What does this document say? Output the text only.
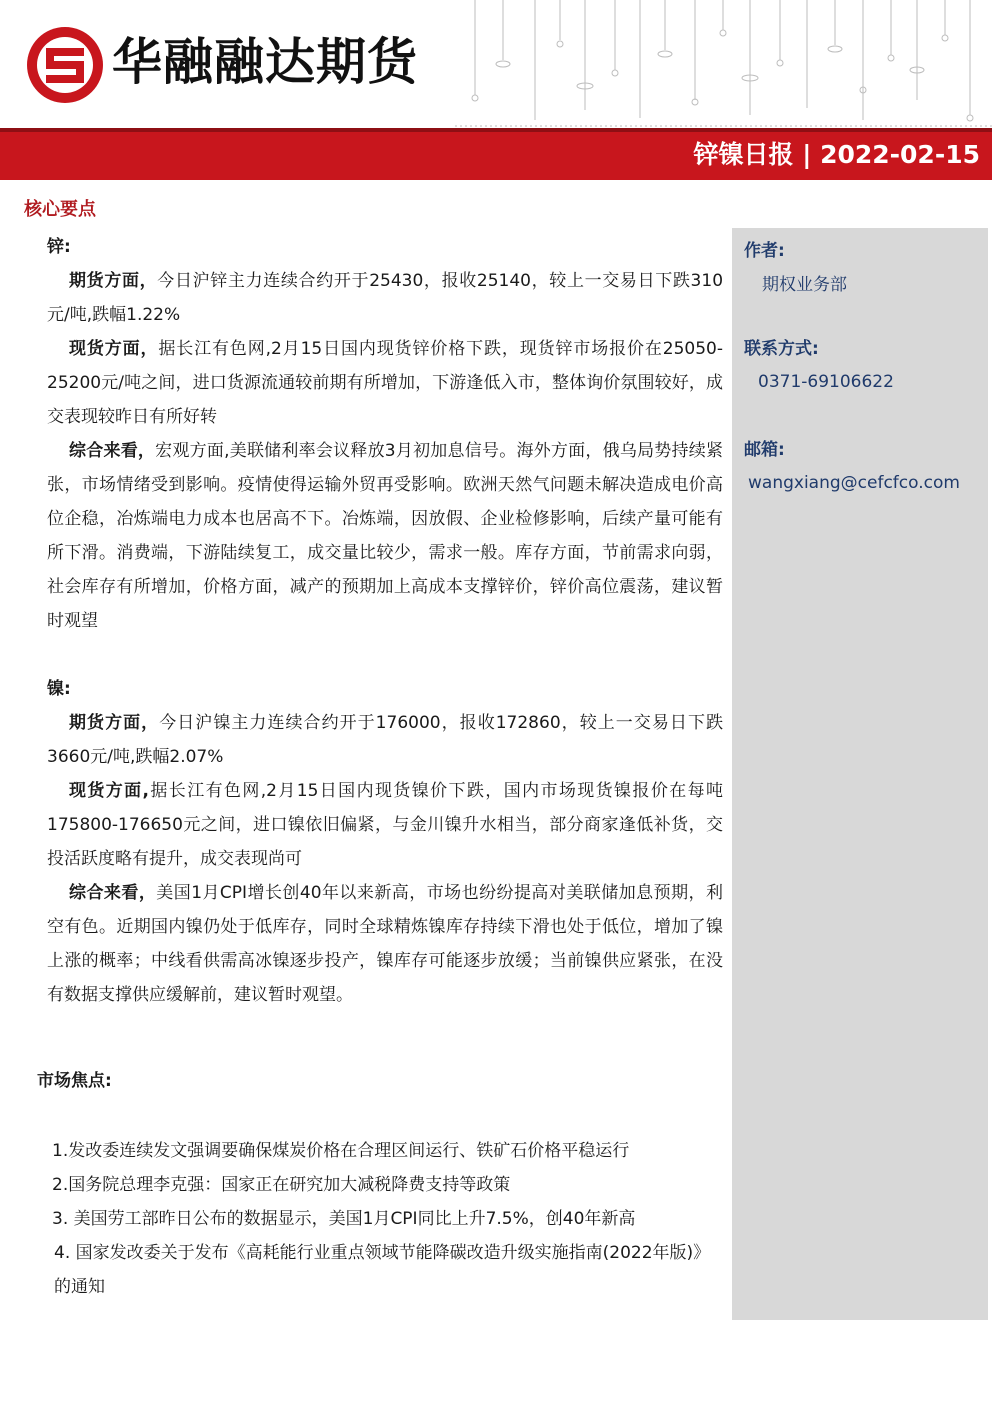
华融融达期货
锌镍日报 | 2022-02-15
核心要点
锌:

期货方面，今日沪锌主力连续合约开于25430，报收25140，较上一交易日下跌310元/吨,跌幅1.22%

现货方面，据长江有色网,2月15日国内现货锌价格下跌，现货锌市场报价在25050-25200元/吨之间，进口货源流通较前期有所增加，下游逢低入市，整体询价氛围较好，成交表现较昨日有所好转

综合来看，宏观方面,美联储利率会议释放3月初加息信号。海外方面，俄乌局势持续紧张，市场情绪受到影响。疫情使得运输外贸再受影响。欧洲天然气问题未解决造成电价高位企稳，冶炼端电力成本也居高不下。冶炼端，因放假、企业检修影响，后续产量可能有所下滑。消费端，下游陆续复工，成交量比较少，需求一般。库存方面，节前需求向弱，社会库存有所增加，价格方面，减产的预期加上高成本支撑锌价，锌价高位震荡，建议暂时观望

镍:

期货方面，今日沪镍主力连续合约开于176000，报收172860，较上一交易日下跌3660元/吨,跌幅2.07%

现货方面,据长江有色网,2月15日国内现货镍价下跌，国内市场现货镍报价在每吨175800-176650元之间，进口镍依旧偏紧，与金川镍升水相当，部分商家逢低补货，交投活跃度略有提升，成交表现尚可

综合来看，美国1月CPI增长创40年以来新高，市场也纷纷提高对美联储加息预期，利空有色。近期国内镍仍处于低库存，同时全球精炼镍库存持续下滑也处于低位，增加了镍上涨的概率；中线看供需高冰镍逐步投产，镍库存可能逐步放缓；当前镍供应紧张，在没有数据支撑供应缓解前，建议暂时观望。

市场焦点:
1.发改委连续发文强调要确保煤炭价格在合理区间运行、铁矿石价格平稳运行
2.国务院总理李克强：国家正在研究加大减税降费支持等政策
3. 美国劳工部昨日公布的数据显示，美国1月CPI同比上升7.5%，创40年新高
4. 国家发改委关于发布《高耗能行业重点领域节能降碳改造升级实施指南(2022年版)》的通知
作者:
期权业务部
联系方式:
0371-69106622
邮箱:
wangxiang@cefcfco.com
